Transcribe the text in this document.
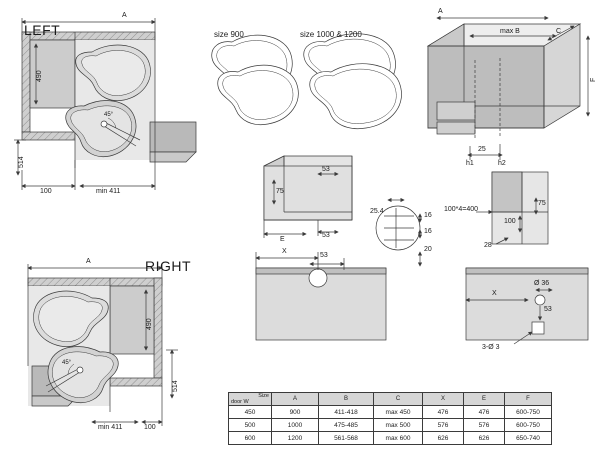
LEFT
RIGHT
A
490
514
100	min 411
45°
A
490
514
100
min 411
45°
size 900	size 1000 & 1200
A
max B	C
F
25
h1	h2
53
75
53
E
25.4
16
16
20
X
53
100*4=400
75
100
28
X
Ø 36
53
3-Ø 3
Size
door W	A	B	C	X	E	F
450	900	411-418	max 450	476	476	600-750
500	1000	475-485	max 500	576	576	600-750
600	1200	561-568	max 600	626	626	650-740
